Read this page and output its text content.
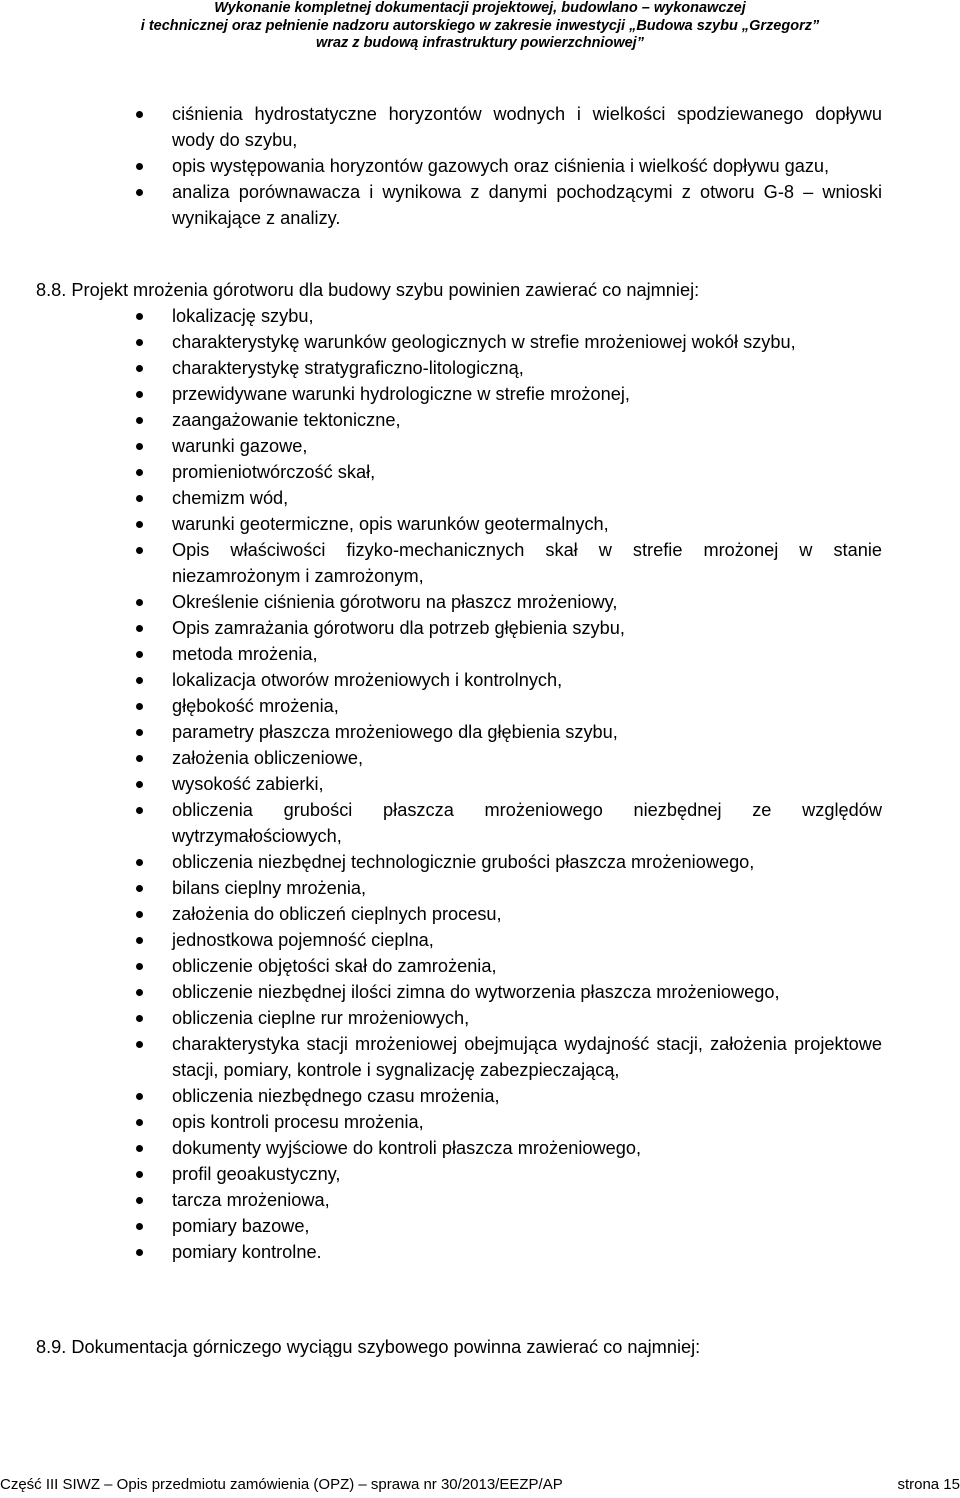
Wykonanie kompletnej dokumentacji projektowej, budowlano – wykonawczej

i technicznej oraz pełnienie nadzoru autorskiego w zakresie inwestycji „Budowa szybu „Grzegorz”

wraz z budową infrastruktury powierzchniowej”

ciśnienia hydrostatyczne horyzontów wodnych i wielkości spodziewanego dopływu wody do szybu,
opis występowania horyzontów gazowych oraz ciśnienia i wielkość dopływu gazu,
analiza porównawacza i wynikowa z danymi pochodzącymi z otworu G-8 – wnioski wynikające z analizy.
8.8. Projekt mrożenia górotworu dla budowy szybu powinien zawierać co najmniej:
lokalizację szybu,
charakterystykę warunków geologicznych w strefie mrożeniowej wokół szybu,
charakterystykę stratygraficzno-litologiczną,
przewidywane warunki hydrologiczne w strefie mrożonej,
zaangażowanie tektoniczne,
warunki gazowe,
promieniotwórczość skał,
chemizm wód,
warunki geotermiczne, opis warunków geotermalnych,
Opis właściwości fizyko-mechanicznych skał w strefie mrożonej w stanie niezamrożonym i zamrożonym,
Określenie ciśnienia górotworu na płaszcz mrożeniowy,
Opis zamrażania górotworu dla potrzeb głębienia szybu,
metoda mrożenia,
lokalizacja otworów mrożeniowych i kontrolnych,
głębokość mrożenia,
parametry płaszcza mrożeniowego dla głębienia szybu,
założenia obliczeniowe,
wysokość zabierki,
obliczenia grubości płaszcza mrożeniowego niezbędnej ze względów wytrzymałościowych,
obliczenia niezbędnej technologicznie grubości płaszcza mrożeniowego,
bilans cieplny mrożenia,
założenia do obliczeń cieplnych procesu,
jednostkowa pojemność cieplna,
obliczenie objętości skał do zamrożenia,
obliczenie niezbędnej ilości zimna do wytworzenia płaszcza mrożeniowego,
obliczenia cieplne rur mrożeniowych,
charakterystyka stacji mrożeniowej obejmująca wydajność stacji, założenia projektowe stacji, pomiary, kontrole i sygnalizację zabezpieczającą,
obliczenia niezbędnego czasu mrożenia,
opis kontroli procesu mrożenia,
dokumenty wyjściowe do kontroli płaszcza mrożeniowego,
profil geoakustyczny,
tarcza mrożeniowa,
pomiary bazowe,
pomiary kontrolne.
8.9. Dokumentacja górniczego wyciągu szybowego powinna zawierać co najmniej:
Część III SIWZ – Opis przedmiotu zamówienia (OPZ) – sprawa nr 30/2013/EEZP/AP	strona 15
